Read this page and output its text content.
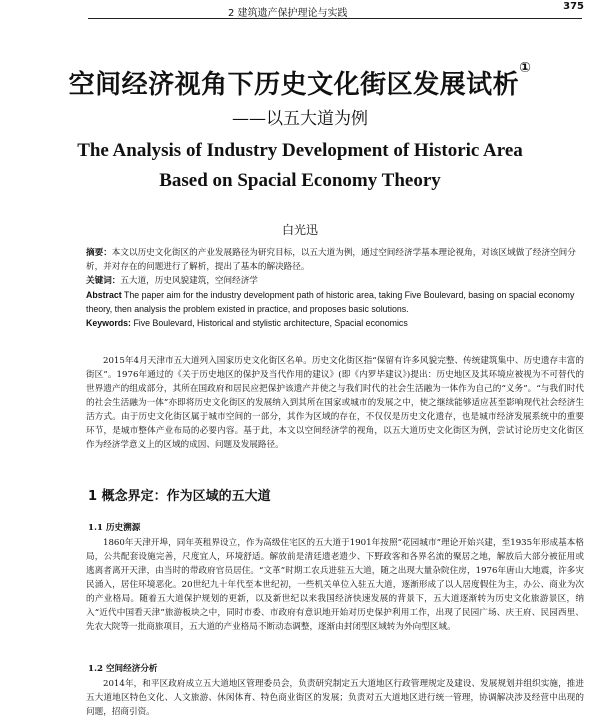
2 建筑遗产保护理论与实践
375
空间经济视角下历史文化街区发展试析①
——以五大道为例
The Analysis of Industry Development of Historic Area
Based on Spacial Economy Theory
白光迅
摘要：本文以历史文化街区的产业发展路径为研究目标，以五大道为例，通过空间经济学基本理论视角，对该区域做了经济空间分析，并对存在的问题进行了解析，提出了基本的解决路径。
关键词：五大道，历史风貌建筑，空间经济学
Abstract The paper aim for the industry development path of historic area, taking Five Boulevard, basing on spacial economy theory, then analysis the problem existed in practice, and proposes basic solutions.
Keywords: Five Boulevard, Historical and stylistic architecture, Spacial economics
2015年4月天津市五大道列入国家历史文化街区名单。历史文化街区指“保留有许多风貌完整、传统建筑集中、历史遗存丰富的街区”。1976年通过的《关于历史地区的保护及当代作用的建议》(即《内罗毕建议》)提出：历史地区及其环境应被视为不可替代的世界遗产的组成部分，其所在国政府和居民应把保护该遗产并使之与我们时代的社会生活融为一体作为自己的“义务”。“与我们时代的社会生活融为一体”亦即将历史文化街区的发展纳入到其所在国家或城市的发展之中，使之继续能够适应甚至影响现代社会经济生活方式。由于历史文化街区属于城市空间的一部分，其作为区域的存在，不仅仅是历史文化遗存，也是城市经济发展系统中的重要环节，是城市整体产业布局的必要内容。基于此，本文以空间经济学的视角，以五大道历史文化街区为例，尝试讨论历史文化街区作为经济学意义上的区域的成因、问题及发展路径。
1 概念界定：作为区域的五大道
1.1 历史溯源
1860年天津开埠，同年英租界设立，作为高级住宅区的五大道于1901年按照“花园城市”理论开始兴建，至1935年形成基本格局，公共配套设施完善，尺度宜人，环境舒适。解放前是清廷遗老遗少、下野政客和各界名流的聚居之地，解放后大部分被征用或逃离者离开天津，由当时的带政府官员居住。“文革”时期工农兵进驻五大道，随之出现大量杂院住房，1976年唐山大地震，许多灾民涌入，居住环境恶化。20世纪九十年代至本世纪初，一些机关单位入驻五大道，逐渐形成了以人居度假住为主，办公、商业为次的产业格局。随着五大道保护规划的更新，以及新世纪以来我国经济快速发展的背景下，五大道逐渐转为历史文化旅游景区，纳入“近代中国看天津”旅游板块之中，同时市委、市政府有意识地开始对历史保护利用工作，出现了民园广场、庆王府、民园西里、先农大院等一批商旅项目，五大道的产业格局不断动态调整，逐渐由封闭型区域转为外向型区域。
1.2 空间经济分析
2014年，和平区政府成立五大道地区管理委员会，负责研究制定五大道地区行政管理规定及建设、发展规划并组织实施，推进五大道地区特色文化、人文旅游、休闲体育、特色商业街区的发展；负责对五大道地区进行统一管理，协调解决涉及经营中出现的问题，招商引资。
